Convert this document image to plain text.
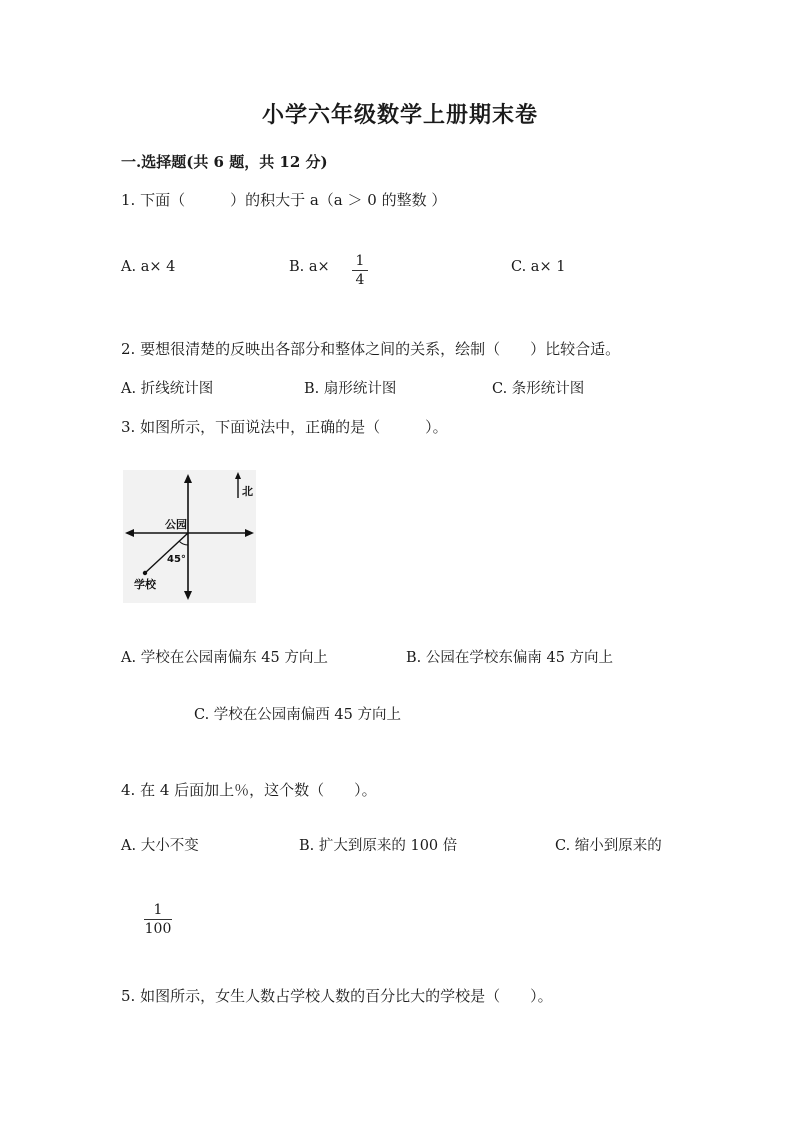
小学六年级数学上册期末卷
一.选择题(共 6 题，共 12 分)
1. 下面（　　　）的积大于 a（a ＞ 0 的整数 ）
A. a× 4	B. a× 1
4
C. a× 1
2. 要想很清楚的反映出各部分和整体之间的关系，绘制（　　）比较合适。
A. 折线统计图	B. 扇形统计图	C. 条形统计图
3. 如图所示，下面说法中，正确的是（　　　）。
北
公园
45°
学校
A. 学校在公园南偏东 45 方向上	B. 公园在学校东偏南 45 方向上
C. 学校在公园南偏西 45 方向上
4. 在 4 后面加上％，这个数（　　）。
A. 大小不变	B. 扩大到原来的 100 倍	C. 缩小到原来的
1
100
5. 如图所示，女生人数占学校人数的百分比大的学校是（　　）。
